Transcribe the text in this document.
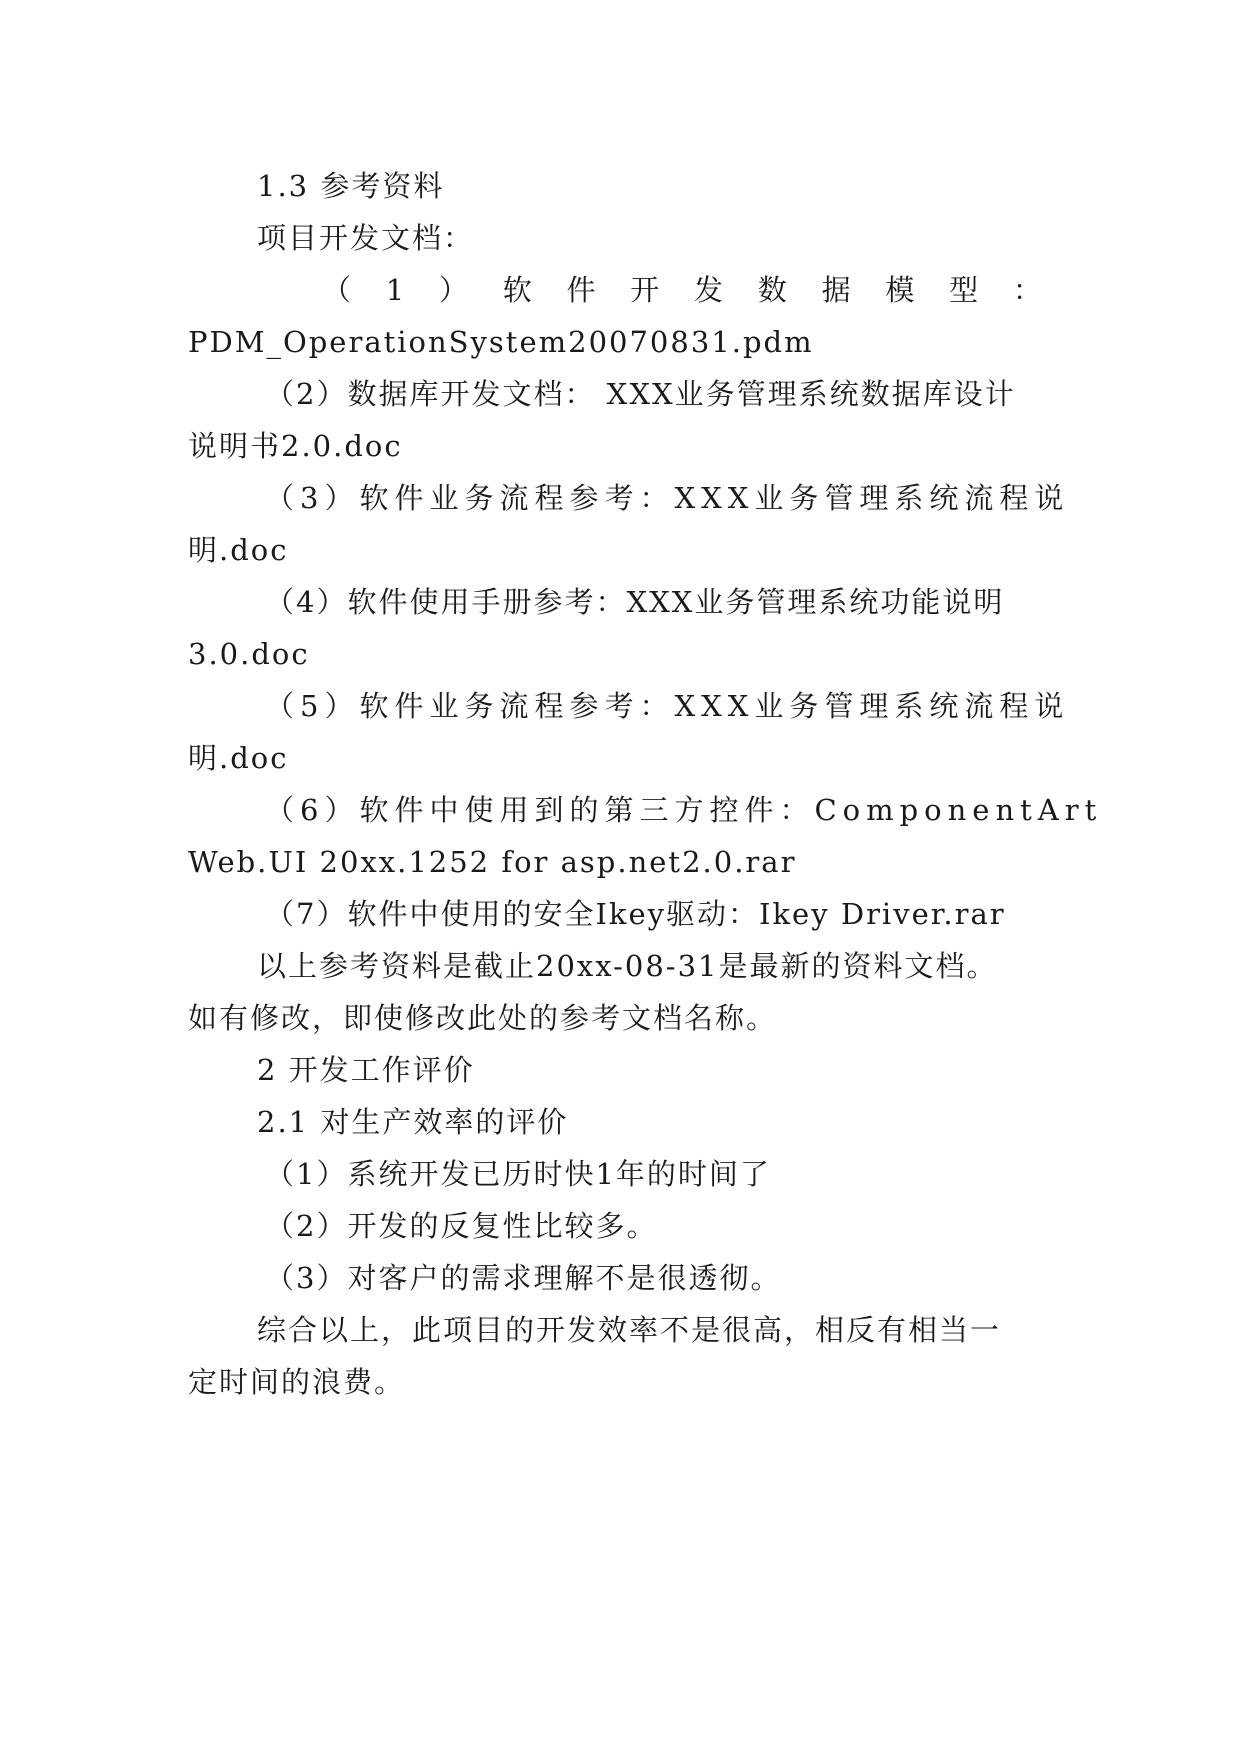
1.3 参考资料
项目开发文档：
（ 1 ） 软 件 开 发 数 据 模 型 ：
PDM_OperationSystem20070831.pdm
（2）数据库开发文档： XXX业务管理系统数据库设计
说明书2.0.doc
（3）软件业务流程参考：XXX业务管理系统流程说
明.doc
（4）软件使用手册参考：XXX业务管理系统功能说明
3.0.doc
（5）软件业务流程参考：XXX业务管理系统流程说
明.doc
（6）软件中使用到的第三方控件：ComponentArt
Web.UI 20xx.1252 for asp.net2.0.rar
（7）软件中使用的安全Ikey驱动：Ikey Driver.rar
以上参考资料是截止20xx-08-31是最新的资料文档。
如有修改，即使修改此处的参考文档名称。
2 开发工作评价
2.1 对生产效率的评价
（1）系统开发已历时快1年的时间了
（2）开发的反复性比较多。
（3）对客户的需求理解不是很透彻。
综合以上，此项目的开发效率不是很高，相反有相当一
定时间的浪费。
